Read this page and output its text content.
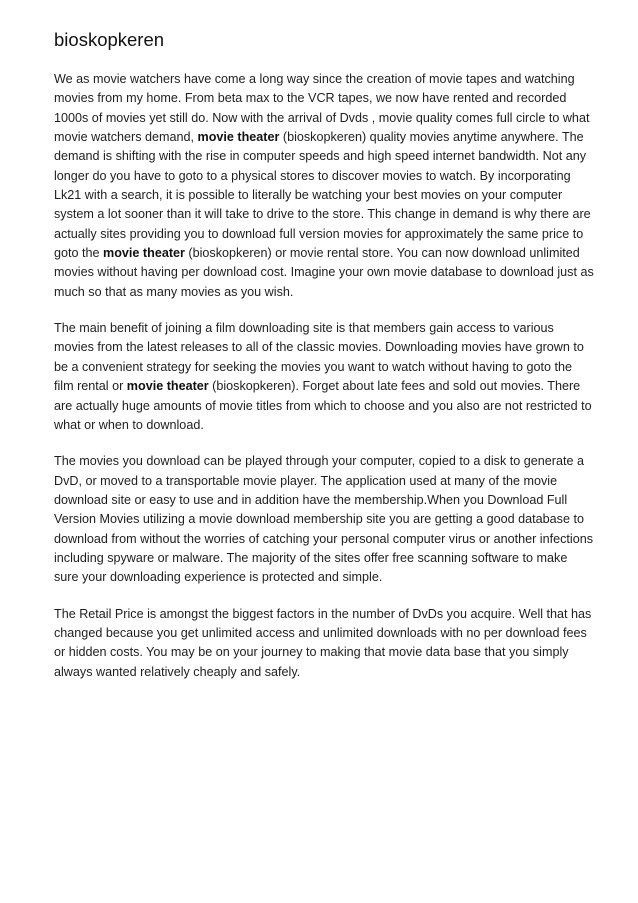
bioskopkeren

We as movie watchers have come a long way since the creation of movie tapes and watching movies from my home. From beta max to the VCR tapes, we now have rented and recorded 1000s of movies yet still do. Now with the arrival of Dvds , movie quality comes full circle to what movie watchers demand, movie theater (bioskopkeren) quality movies anytime anywhere. The demand is shifting with the rise in computer speeds and high speed internet bandwidth. Not any longer do you have to goto to a physical stores to discover movies to watch. By incorporating Lk21 with a search, it is possible to literally be watching your best movies on your computer system a lot sooner than it will take to drive to the store. This change in demand is why there are actually sites providing you to download full version movies for approximately the same price to goto the movie theater (bioskopkeren) or movie rental store. You can now download unlimited movies without having per download cost. Imagine your own movie database to download just as much so that as many movies as you wish.

The main benefit of joining a film downloading site is that members gain access to various movies from the latest releases to all of the classic movies. Downloading movies have grown to be a convenient strategy for seeking the movies you want to watch without having to goto the film rental or movie theater (bioskopkeren). Forget about late fees and sold out movies. There are actually huge amounts of movie titles from which to choose and you also are not restricted to what or when to download.

The movies you download can be played through your computer, copied to a disk to generate a DvD, or moved to a transportable movie player. The application used at many of the movie download site or easy to use and in addition have the membership.When you Download Full Version Movies utilizing a movie download membership site you are getting a good database to download from without the worries of catching your personal computer virus or another infections including spyware or malware. The majority of the sites offer free scanning software to make sure your downloading experience is protected and simple.

The Retail Price is amongst the biggest factors in the number of DvDs you acquire. Well that has changed because you get unlimited access and unlimited downloads with no per download fees or hidden costs. You may be on your journey to making that movie data base that you simply always wanted relatively cheaply and safely.
